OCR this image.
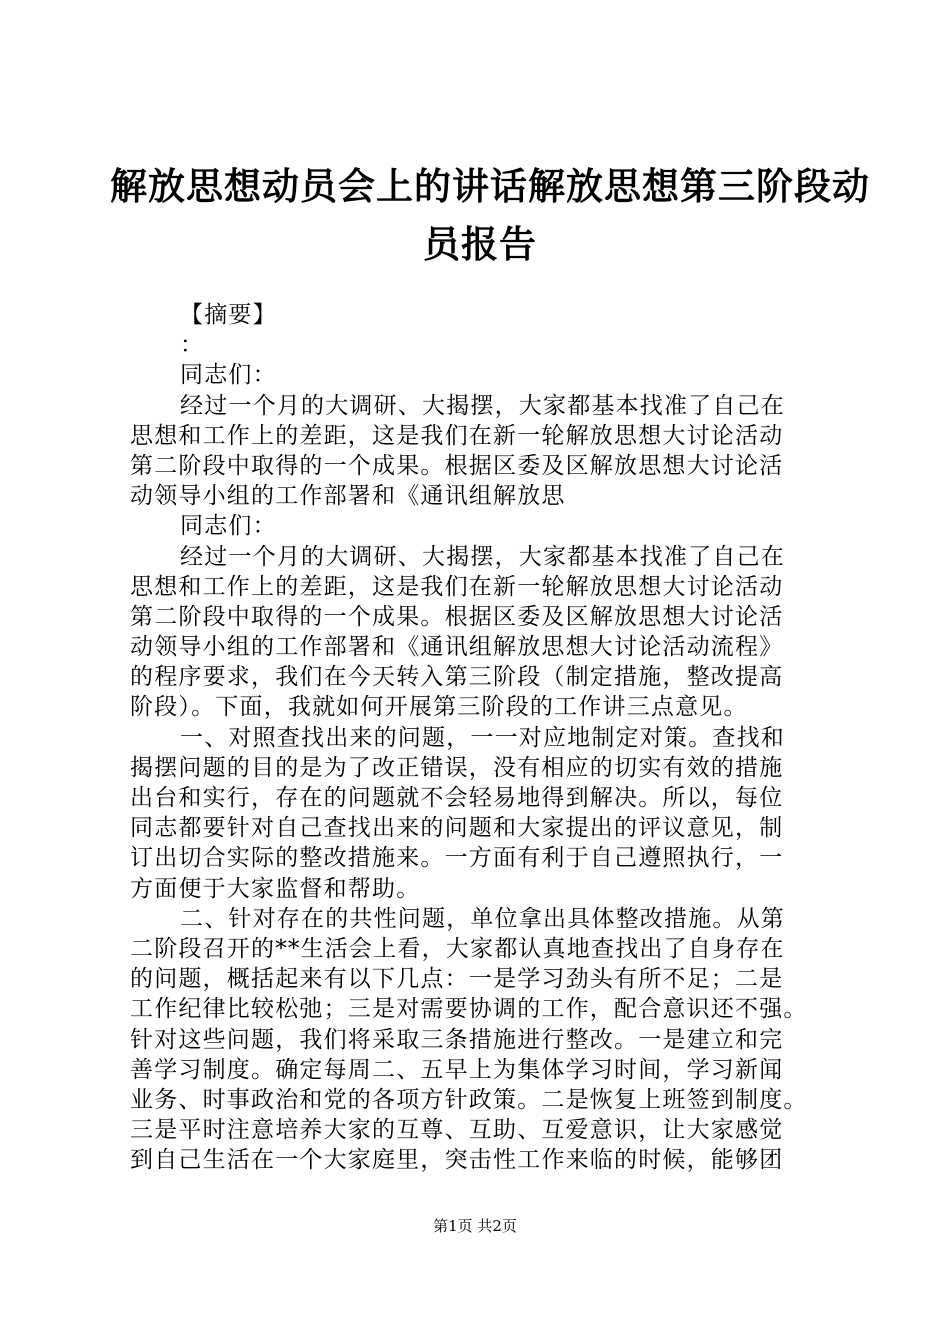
解放思想动员会上的讲话解放思想第三阶段动
员报告
【摘要】
：
同志们：
经过一个月的大调研、大揭摆，大家都基本找准了自己在
思想和工作上的差距，这是我们在新一轮解放思想大讨论活动
第二阶段中取得的一个成果。根据区委及区解放思想大讨论活
动领导小组的工作部署和《通讯组解放思
同志们：
经过一个月的大调研、大揭摆，大家都基本找准了自己在
思想和工作上的差距，这是我们在新一轮解放思想大讨论活动
第二阶段中取得的一个成果。根据区委及区解放思想大讨论活
动领导小组的工作部署和《通讯组解放思想大讨论活动流程》
的程序要求，我们在今天转入第三阶段（制定措施，整改提高
阶段）。下面，我就如何开展第三阶段的工作讲三点意见。
一、对照查找出来的问题，一一对应地制定对策。查找和
揭摆问题的目的是为了改正错误，没有相应的切实有效的措施
出台和实行，存在的问题就不会轻易地得到解决。所以，每位
同志都要针对自己查找出来的问题和大家提出的评议意见，制
订出切合实际的整改措施来。一方面有利于自己遵照执行，一
方面便于大家监督和帮助。
二、针对存在的共性问题，单位拿出具体整改措施。从第
二阶段召开的**生活会上看，大家都认真地查找出了自身存在
的问题，概括起来有以下几点：一是学习劲头有所不足；二是
工作纪律比较松弛；三是对需要协调的工作，配合意识还不强。
针对这些问题，我们将采取三条措施进行整改。一是建立和完
善学习制度。确定每周二、五早上为集体学习时间，学习新闻
业务、时事政治和党的各项方针政策。二是恢复上班签到制度。
三是平时注意培养大家的互尊、互助、互爱意识，让大家感觉
到自己生活在一个大家庭里，突击性工作来临的时候，能够团
第1页 共2页
